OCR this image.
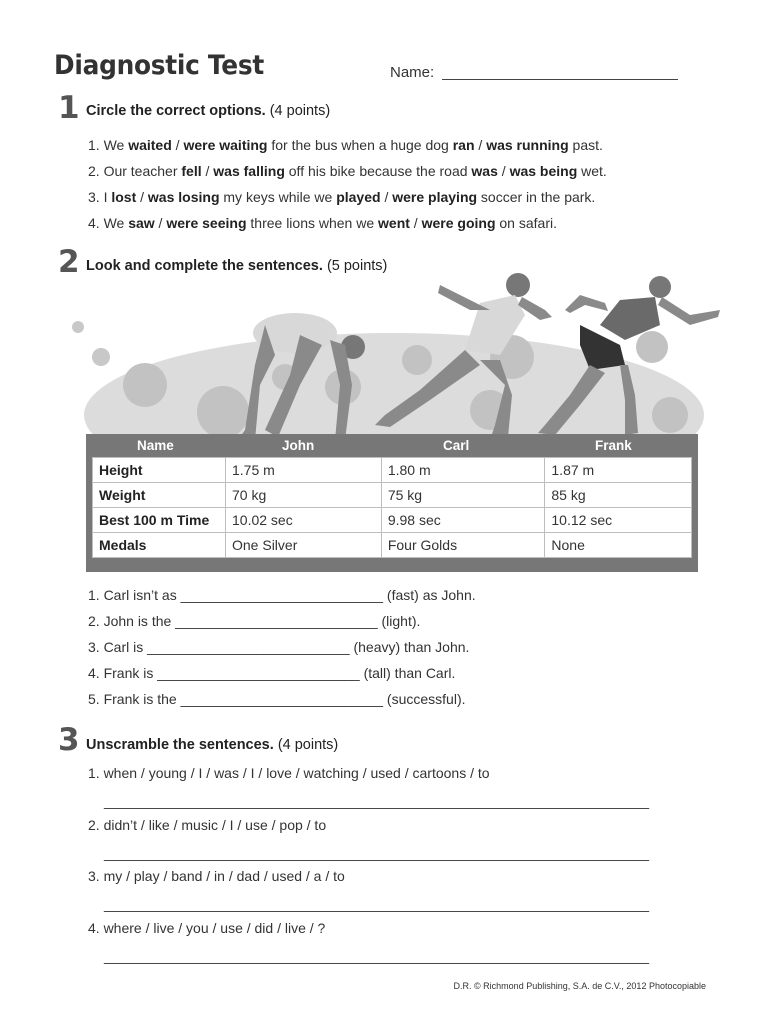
Diagnostic Test	Name:
1 Circle the correct options. (4 points)
1. We waited / were waiting for the bus when a huge dog ran / was running past.
2. Our teacher fell / was falling off his bike because the road was / was being wet.
3. I lost / was losing my keys while we played / were playing soccer in the park.
4. We saw / were seeing three lions when we went / were going on safari.
2 Look and complete the sentences. (5 points)
Name	John	Carl	Frank
Height	1.75 m	1.80 m	1.87 m
Weight	70 kg	75 kg	85 kg
Best 100 m Time	10.02 sec	9.98 sec	10.12 sec
Medals	One Silver	Four Golds	None
1. Carl isn’t as __________________________ (fast) as John.
2. John is the __________________________ (light).
3. Carl is __________________________ (heavy) than John.
4. Frank is __________________________ (tall) than Carl.
5. Frank is the __________________________ (successful).
3 Unscramble the sentences. (4 points)
1. when / young / I / was / I / love / watching / used / cartoons / to
______________________________________________________________________
2. didn’t / like / music / I / use / pop / to
______________________________________________________________________
3. my / play / band / in / dad / used / a / to
______________________________________________________________________
4. where / live / you / use / did / live / ?
______________________________________________________________________
D.R. © Richmond Publishing, S.A. de C.V., 2012 Photocopiable
